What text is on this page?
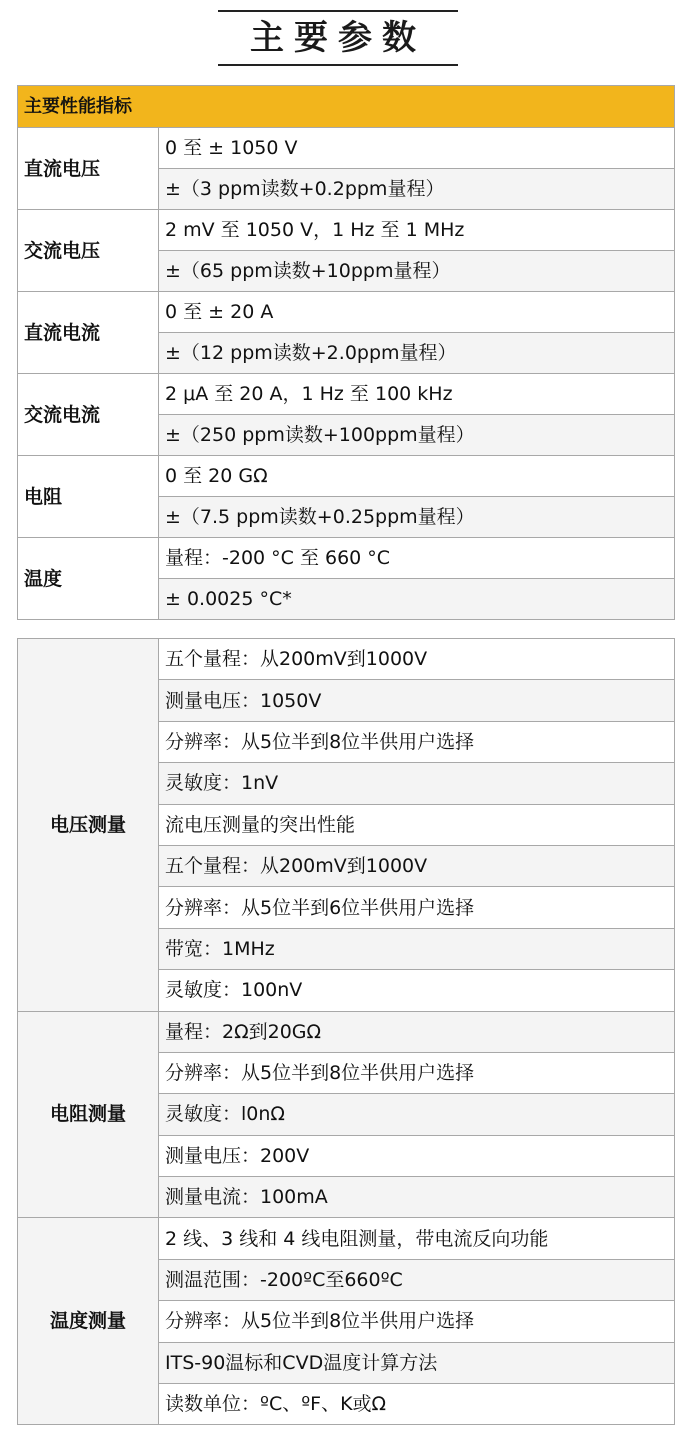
主要参数
主要性能指标	
直流电压	0 至 ± 1050 V
	±（3 ppm读数+0.2ppm量程）
交流电压	2 mV 至 1050 V，1 Hz 至 1 MHz
	±（65 ppm读数+10ppm量程）
直流电流	0 至 ± 20 A
	±（12 ppm读数+2.0ppm量程）
交流电流	2 μA 至 20 A，1 Hz 至 100 kHz
	±（250 ppm读数+100ppm量程）
电阻	0 至 20 GΩ
	±（7.5 ppm读数+0.25ppm量程）
温度	量程：-200 °C 至 660 °C
	± 0.0025 °C*
电压测量	五个量程：从200mV到1000V
	测量电压：1050V
	分辨率：从5位半到8位半供用户选择
	灵敏度：1nV
	流电压测量的突出性能
	五个量程：从200mV到1000V
	分辨率：从5位半到6位半供用户选择
	带宽：1MHz
	灵敏度：100nV
电阻测量	量程：2Ω到20GΩ
	分辨率：从5位半到8位半供用户选择
	灵敏度：l0nΩ
	测量电压：200V
	测量电流：100mA
温度测量	2 线、3 线和 4 线电阻测量，带电流反向功能
	测温范围：-200ºC至660ºC
	分辨率：从5位半到8位半供用户选择
	ITS-90温标和CVD温度计算方法
	读数单位：ºC、ºF、K或Ω
